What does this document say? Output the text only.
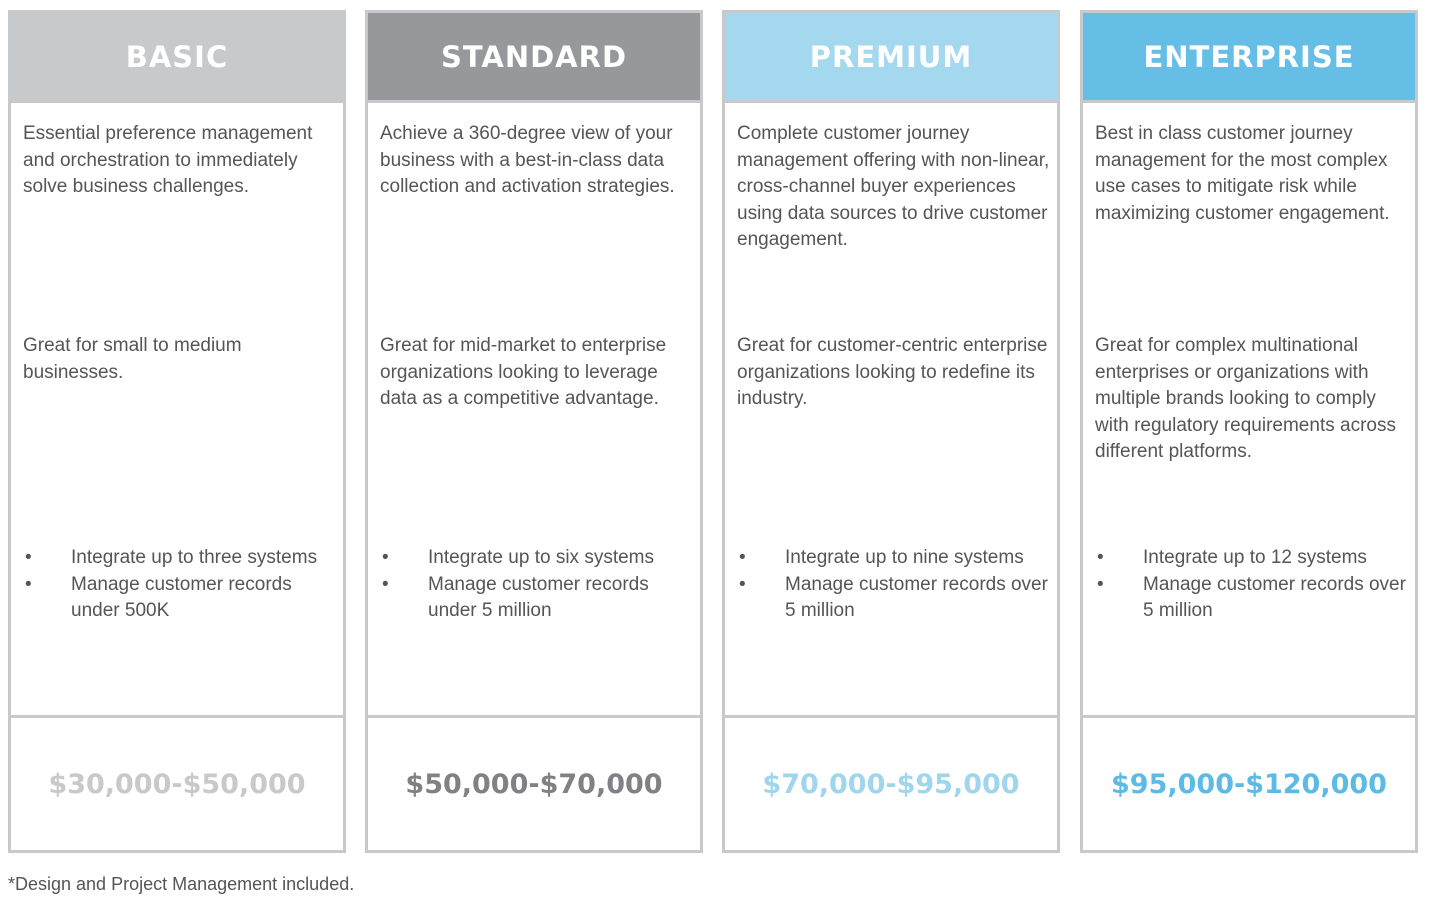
BASIC
Essential preference management and orchestration to immediately solve business challenges.
Great for small to medium businesses.
• Integrate up to three systems
• Manage customer records under 500K
$30,000-$50,000
STANDARD
Achieve a 360-degree view of your business with a best-in-class data collection and activation strategies.
Great for mid-market to enterprise organizations looking to leverage data as a competitive advantage.
• Integrate up to six systems
• Manage customer records under 5 million
$50,000-$70,000
PREMIUM
Complete customer journey management offering with non-linear, cross-channel buyer experiences using data sources to drive customer engagement.
Great for customer-centric enterprise organizations looking to redefine its industry.
• Integrate up to nine systems
• Manage customer records over 5 million
$70,000-$95,000
ENTERPRISE
Best in class customer journey management for the most complex use cases to mitigate risk while maximizing customer engagement.
Great for complex multinational enterprises or organizations with multiple brands looking to comply with regulatory requirements across different platforms.
• Integrate up to 12 systems
• Manage customer records over 5 million
$95,000-$120,000
*Design and Project Management included.
